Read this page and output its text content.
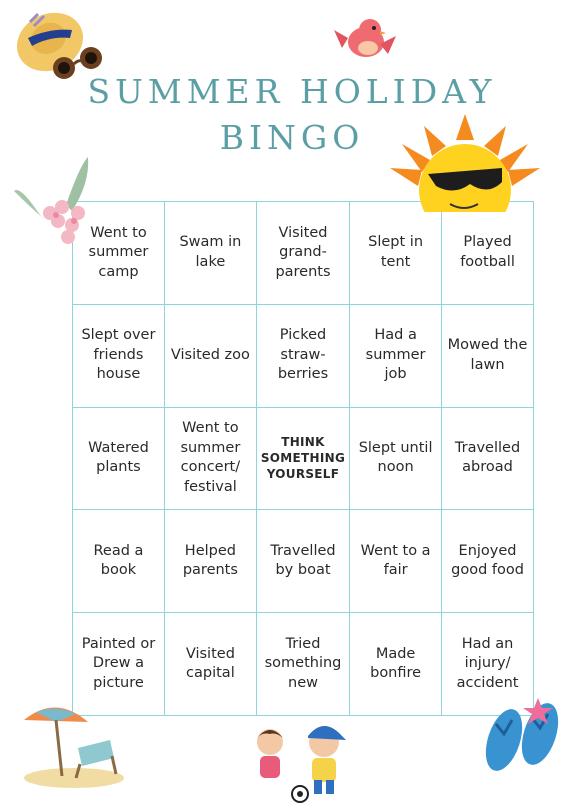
SUMMER HOLIDAY
BINGO
Went to summer camp
Swam in lake
Visited grand-parents
Slept in tent
Played football
Slept over friends house
Visited zoo
Picked straw-berries
Had a summer job
Mowed the lawn
Watered plants
Went to summer concert/ festival
THINK SOMETHING YOURSELF
Slept until noon
Travelled abroad
Read a book
Helped parents
Travelled by boat
Went to a fair
Enjoyed good food
Painted or Drew a picture
Visited capital
Tried something new
Made bonfire
Had an injury/ accident
